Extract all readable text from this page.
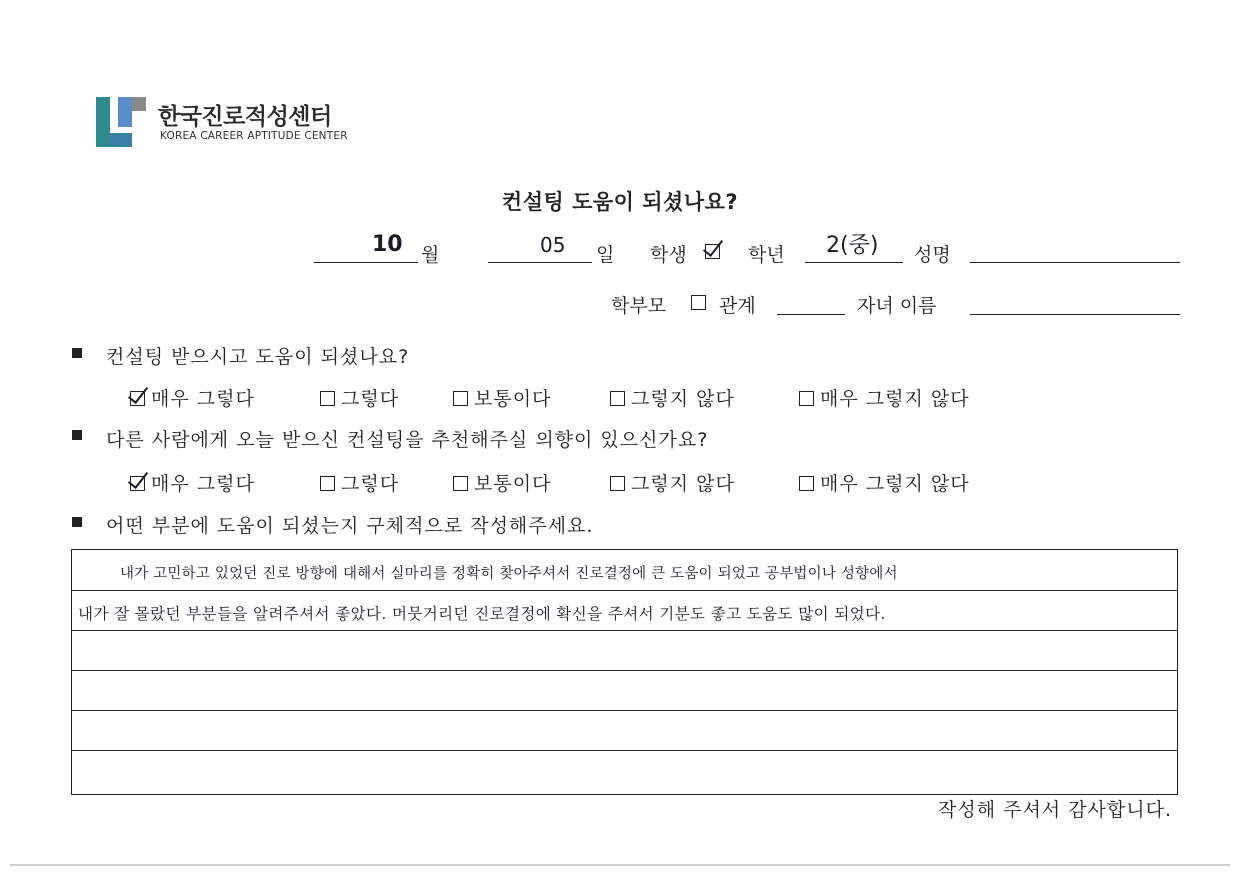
한국진로적성센터
KOREA CAREER APTITUDE CENTER
컨설팅 도움이 되셨나요?
10 월	05 일 학생	학년 2(중) 성명
학부모	관계	자녀 이름
컨설팅 받으시고 도움이 되셨나요?
매우 그렇다	그렇다	보통이다	그렇지 않다	매우 그렇지 않다
다른 사람에게 오늘 받으신 컨설팅을 추천해주실 의향이 있으신가요?
매우 그렇다	그렇다	보통이다	그렇지 않다	매우 그렇지 않다
어떤 부분에 도움이 되셨는지 구체적으로 작성해주세요.
내가 고민하고 있었던 진로 방향에 대해서 실마리를 정확히 찾아주셔서 진로결정에 큰 도움이 되었고 공부법이나 성향에서
내가 잘 몰랐던 부분들을 알려주셔서 좋았다. 머뭇거리던 진로결정에 확신을 주셔서 기분도 좋고 도움도 많이 되었다.
작성해 주셔서 감사합니다.
